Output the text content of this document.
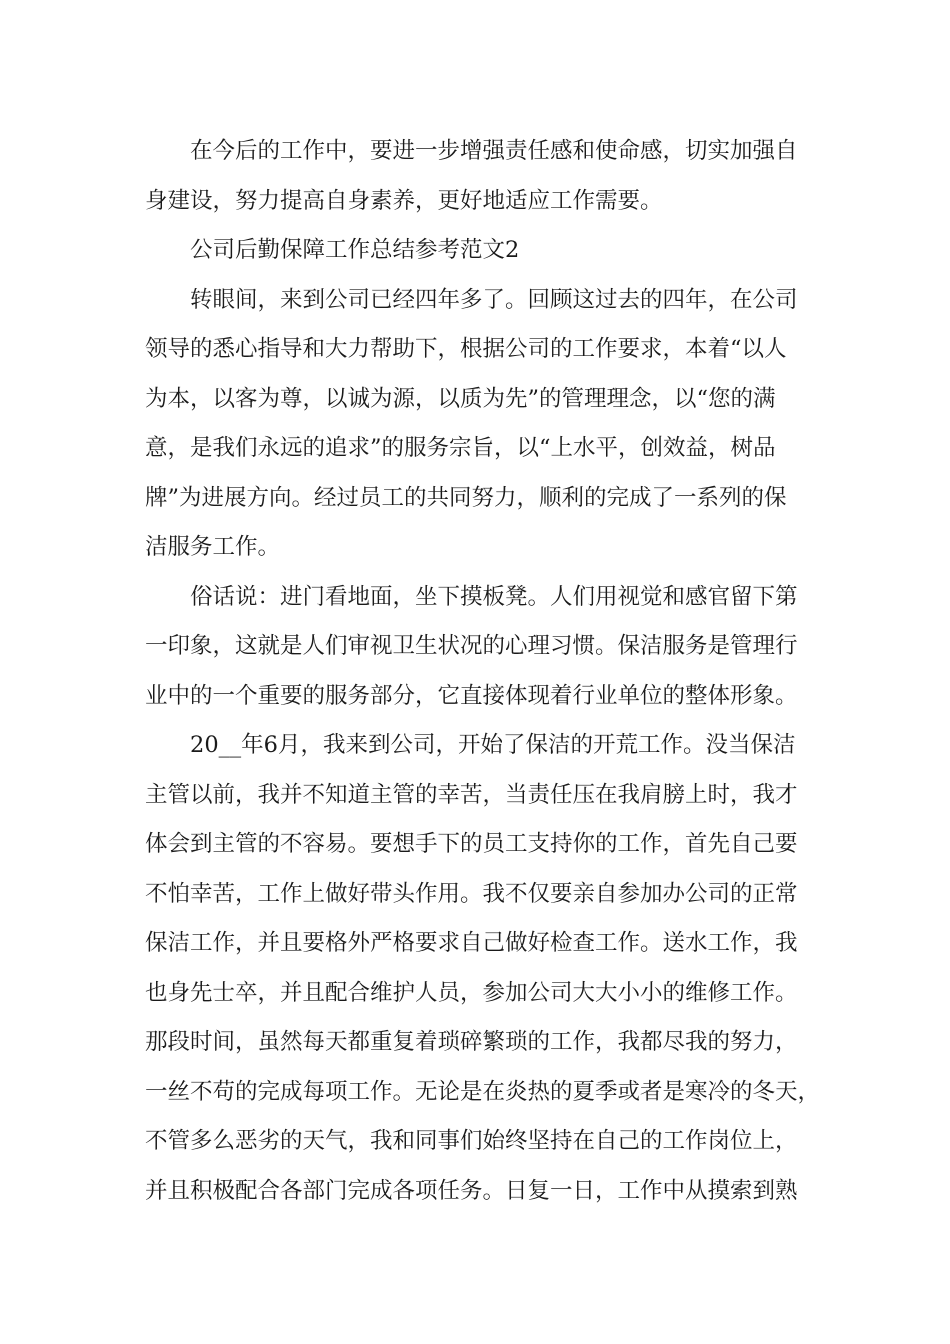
在今后的工作中，要进一步增强责任感和使命感，切实加强自
身建设，努力提高自身素养，更好地适应工作需要。

公司后勤保障工作总结参考范文2

转眼间，来到公司已经四年多了。回顾这过去的四年，在公司
领导的悉心指导和大力帮助下，根据公司的工作要求，本着“以人
为本，以客为尊，以诚为源，以质为先”的管理理念，以“您的满
意，是我们永远的追求”的服务宗旨，以“上水平，创效益，树品
牌”为进展方向。经过员工的共同努力，顺利的完成了一系列的保
洁服务工作。

俗话说：进门看地面，坐下摸板凳。人们用视觉和感官留下第
一印象，这就是人们审视卫生状况的心理习惯。保洁服务是管理行
业中的一个重要的服务部分，它直接体现着行业单位的整体形象。

20__年6月，我来到公司，开始了保洁的开荒工作。没当保洁
主管以前，我并不知道主管的幸苦，当责任压在我肩膀上时，我才
体会到主管的不容易。要想手下的员工支持你的工作，首先自己要
不怕幸苦，工作上做好带头作用。我不仅要亲自参加办公司的正常
保洁工作，并且要格外严格要求自己做好检查工作。送水工作，我
也身先士卒，并且配合维护人员，参加公司大大小小的维修工作。
那段时间，虽然每天都重复着琐碎繁琐的工作，我都尽我的努力，
一丝不苟的完成每项工作。无论是在炎热的夏季或者是寒冷的冬天，
不管多么恶劣的天气，我和同事们始终坚持在自己的工作岗位上，
并且积极配合各部门完成各项任务。日复一日，工作中从摸索到熟
